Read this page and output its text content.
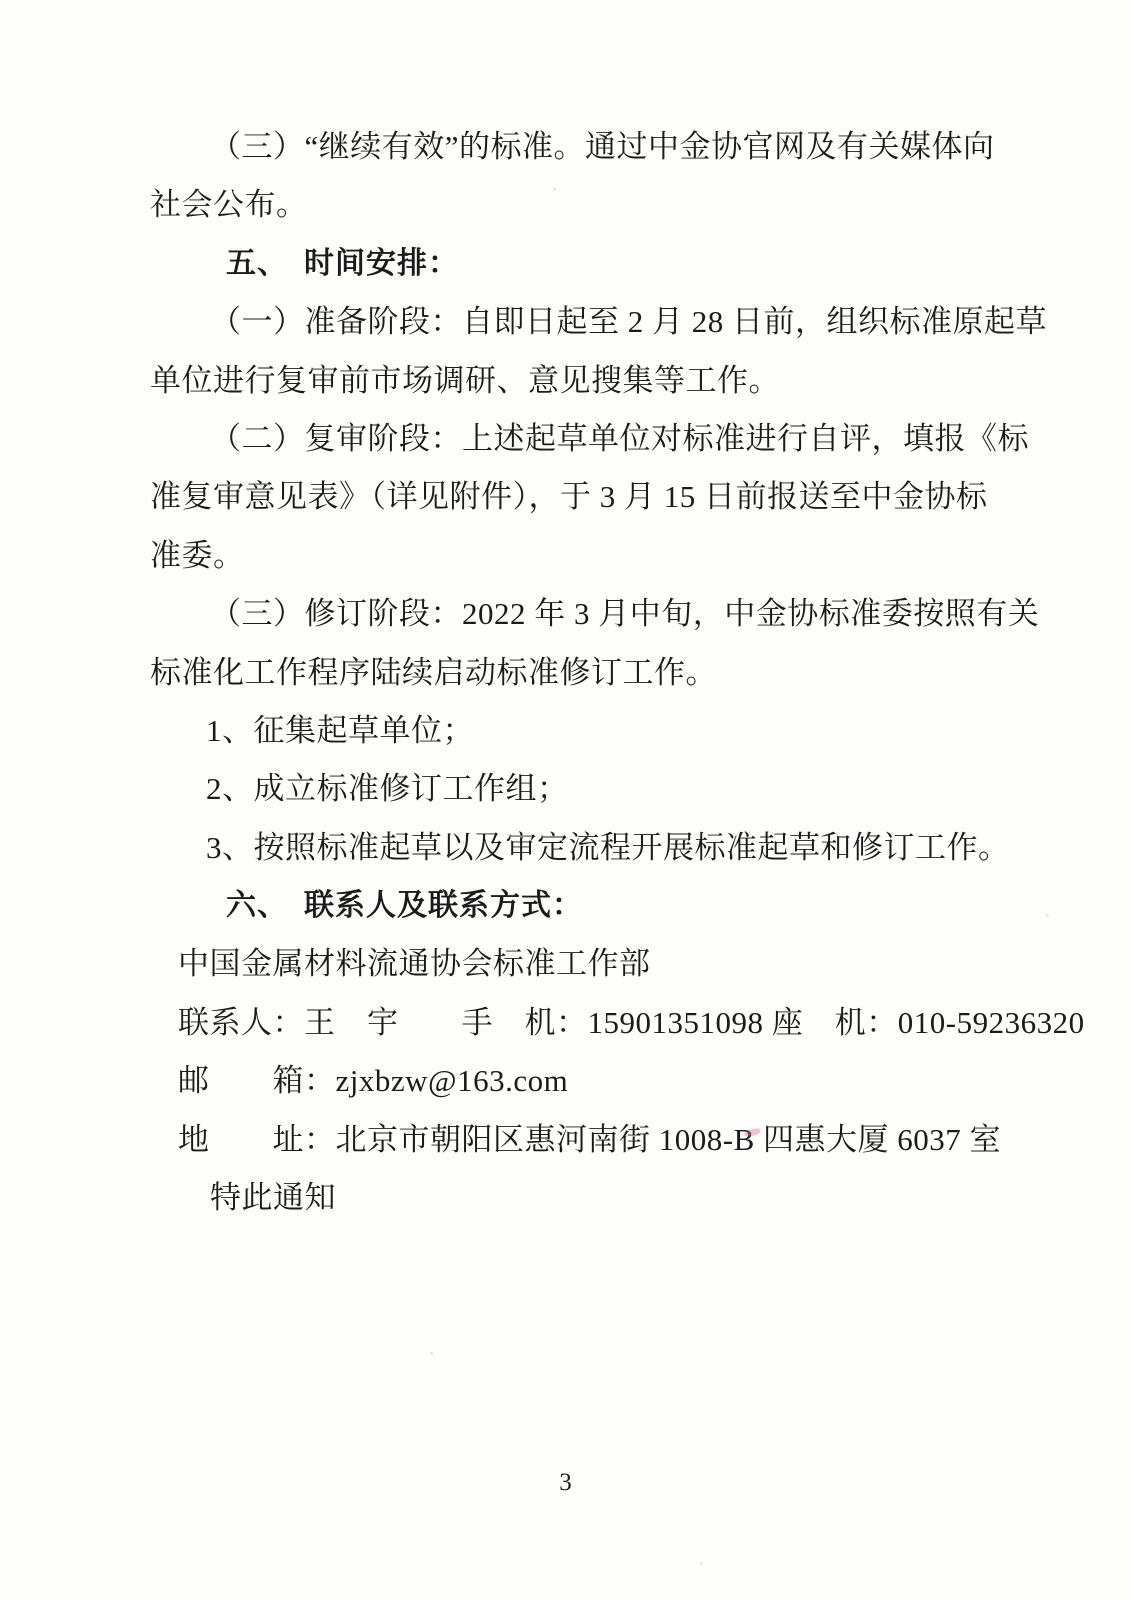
（三）“继续有效”的标准。通过中金协官网及有关媒体向
社会公布。
五、　时间安排：
（一）准备阶段：自即日起至 2 月 28 日前，组织标准原起草
单位进行复审前市场调研、意见搜集等工作。
（二）复审阶段：上述起草单位对标准进行自评，填报《标
准复审意见表》（详见附件），于 3 月 15 日前报送至中金协标
准委。
（三）修订阶段：2022 年 3 月中旬，中金协标准委按照有关
标准化工作程序陆续启动标准修订工作。
1、征集起草单位；
2、成立标准修订工作组；
3、按照标准起草以及审定流程开展标准起草和修订工作。
六、　联系人及联系方式：
中国金属材料流通协会标准工作部
联系人：王　宇　　手　机：15901351098 座　机：010-59236320
邮　　箱：zjxbzw@163.com
地　　址：北京市朝阳区惠河南街 1008-B 四惠大厦 6037 室
特此通知
3
